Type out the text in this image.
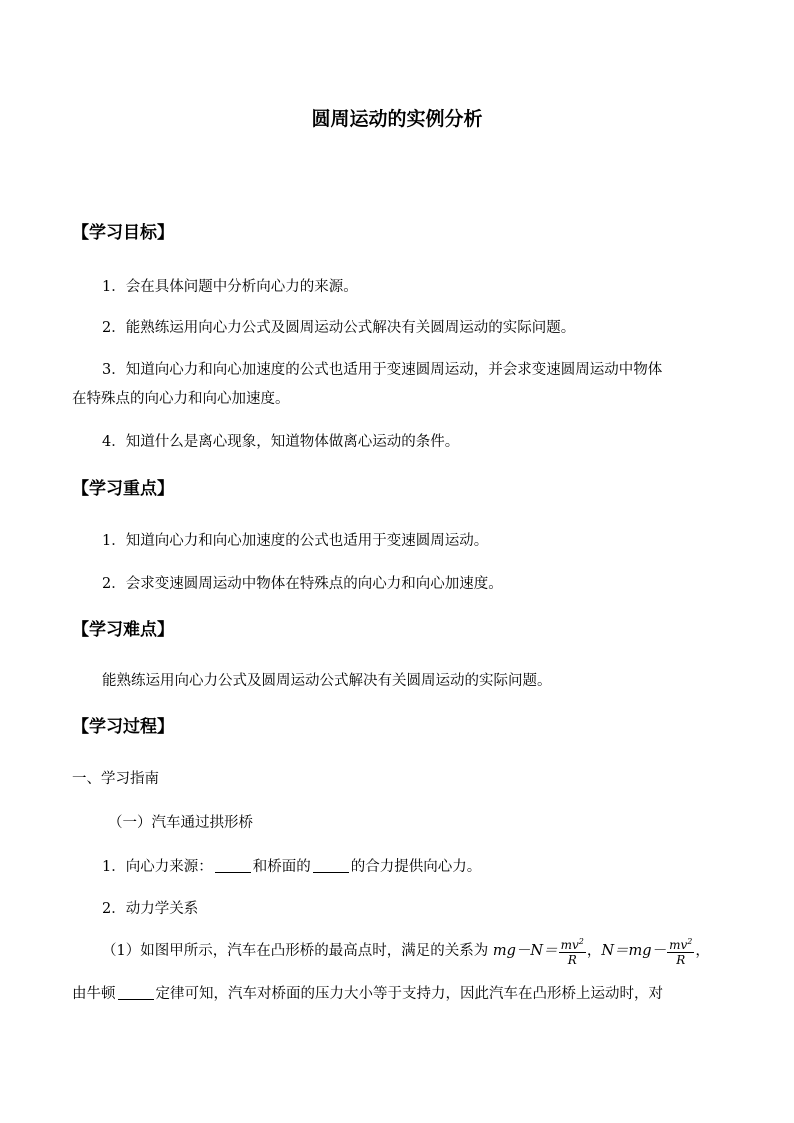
圆周运动的实例分析
【学习目标】
1．会在具体问题中分析向心力的来源。
2．能熟练运用向心力公式及圆周运动公式解决有关圆周运动的实际问题。
3．知道向心力和向心加速度的公式也适用于变速圆周运动，并会求变速圆周运动中物体
在特殊点的向心力和向心加速度。
4．知道什么是离心现象，知道物体做离心运动的条件。
【学习重点】
1．知道向心力和向心加速度的公式也适用于变速圆周运动。
2．会求变速圆周运动中物体在特殊点的向心力和向心加速度。
【学习难点】
能熟练运用向心力公式及圆周运动公式解决有关圆周运动的实际问题。
【学习过程】
一、学习指南
（一）汽车通过拱形桥
1．向心力来源：	和桥面的	的合力提供向心力。
2．动力学关系
（1）如图甲所示，汽车在凸形桥的最高点时，满足的关系为 $mg-N= \frac{mv^2}{R}$ ，$N=mg- \frac{mv^2}{R}$ ，
由牛顿	定律可知，汽车对桥面的压力大小等于支持力，因此汽车在凸形桥上运动时，对
